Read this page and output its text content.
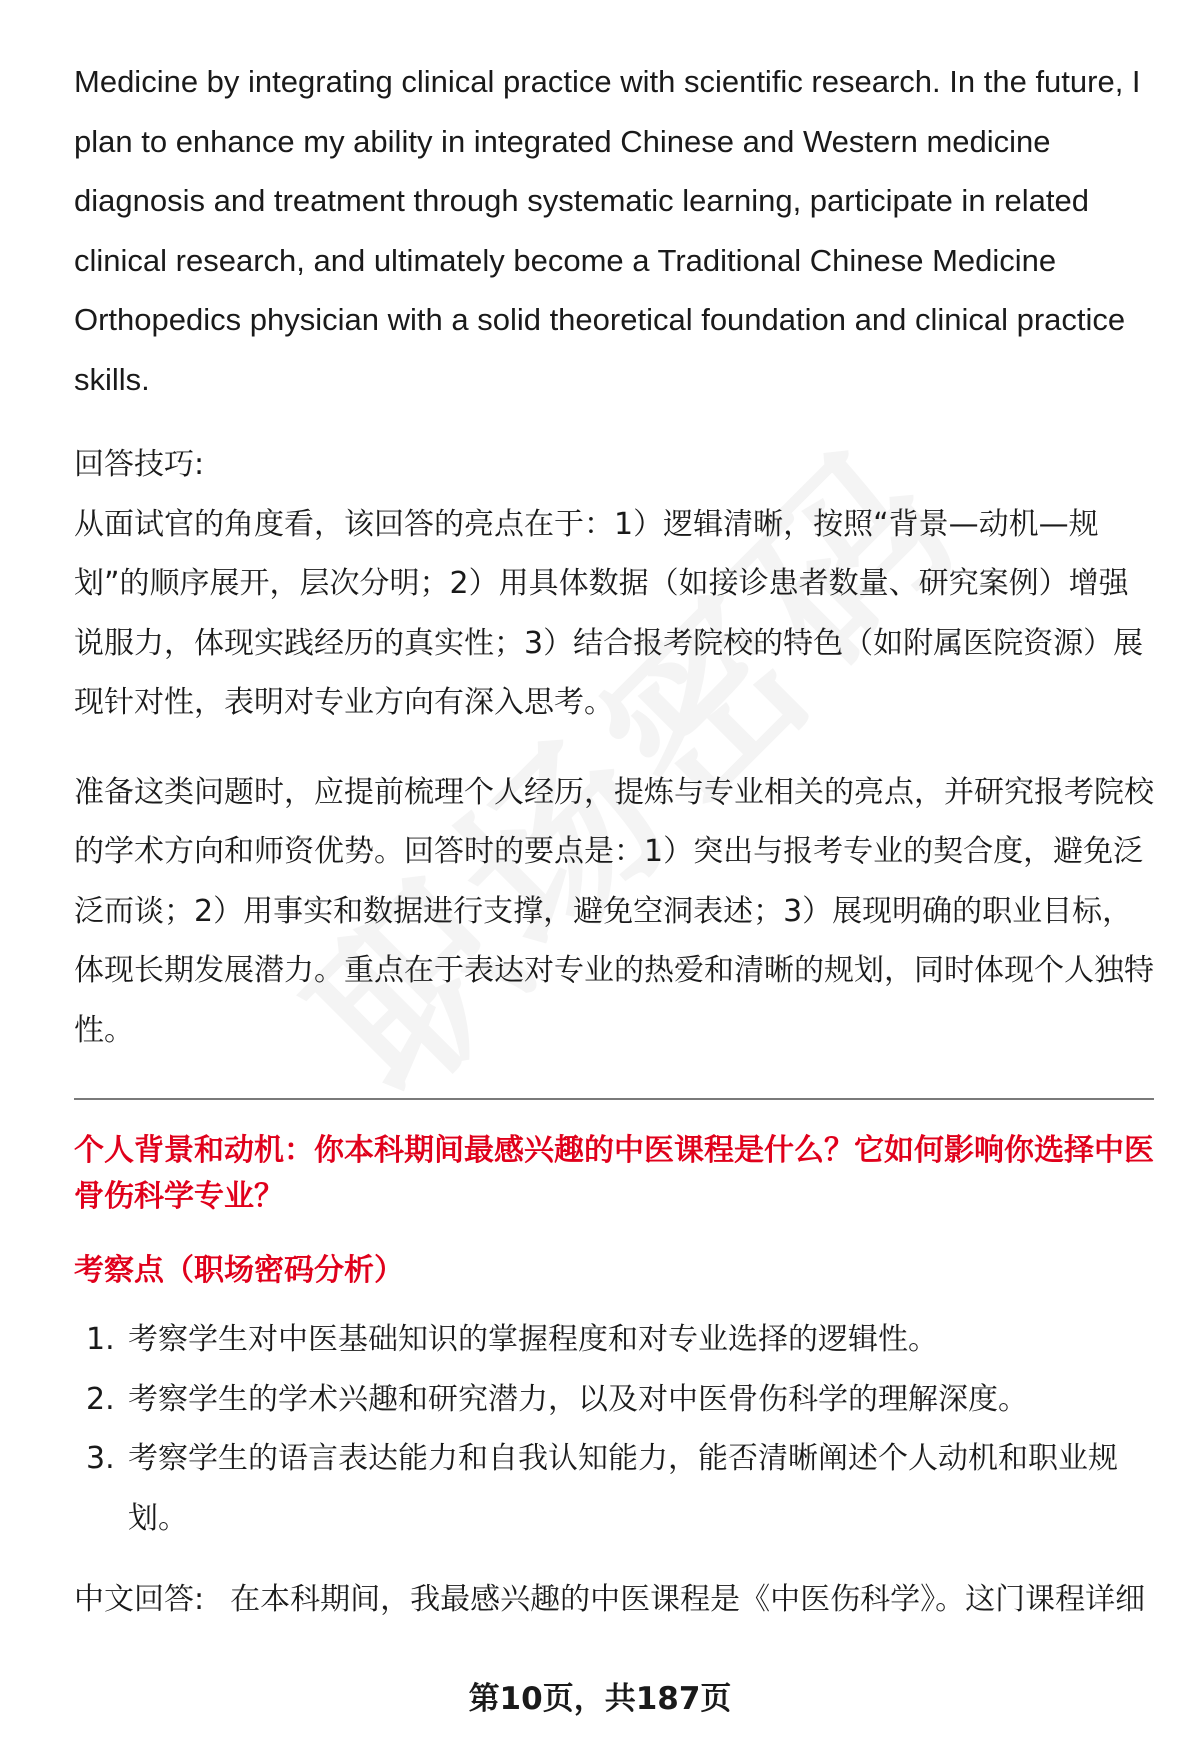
Medicine by integrating clinical practice with scientific research. In the future, I plan to enhance my ability in integrated Chinese and Western medicine diagnosis and treatment through systematic learning, participate in related clinical research, and ultimately become a Traditional Chinese Medicine Orthopedics physician with a solid theoretical foundation and clinical practice skills.

回答技巧:

从面试官的角度看，该回答的亮点在于：1）逻辑清晰，按照“背景—动机—规划”的顺序展开，层次分明；2）用具体数据（如接诊患者数量、研究案例）增强说服力，体现实践经历的真实性；3）结合报考院校的特色（如附属医院资源）展现针对性，表明对专业方向有深入思考。

准备这类问题时，应提前梳理个人经历，提炼与专业相关的亮点，并研究报考院校的学术方向和师资优势。回答时的要点是：1）突出与报考专业的契合度，避免泛泛而谈；2）用事实和数据进行支撑，避免空洞表述；3）展现明确的职业目标，体现长期发展潜力。重点在于表达对专业的热爱和清晰的规划，同时体现个人独特性。

个人背景和动机：你本科期间最感兴趣的中医课程是什么？它如何影响你选择中医骨伤科学专业？

考察点（职场密码分析）

1. 考察学生对中医基础知识的掌握程度和对专业选择的逻辑性。
2. 考察学生的学术兴趣和研究潜力，以及对中医骨伤科学的理解深度。
3. 考察学生的语言表达能力和自我认知能力，能否清晰阐述个人动机和职业规划。

中文回答: 在本科期间，我最感兴趣的中医课程是《中医伤科学》。这门课程详细

第10页，共187页
